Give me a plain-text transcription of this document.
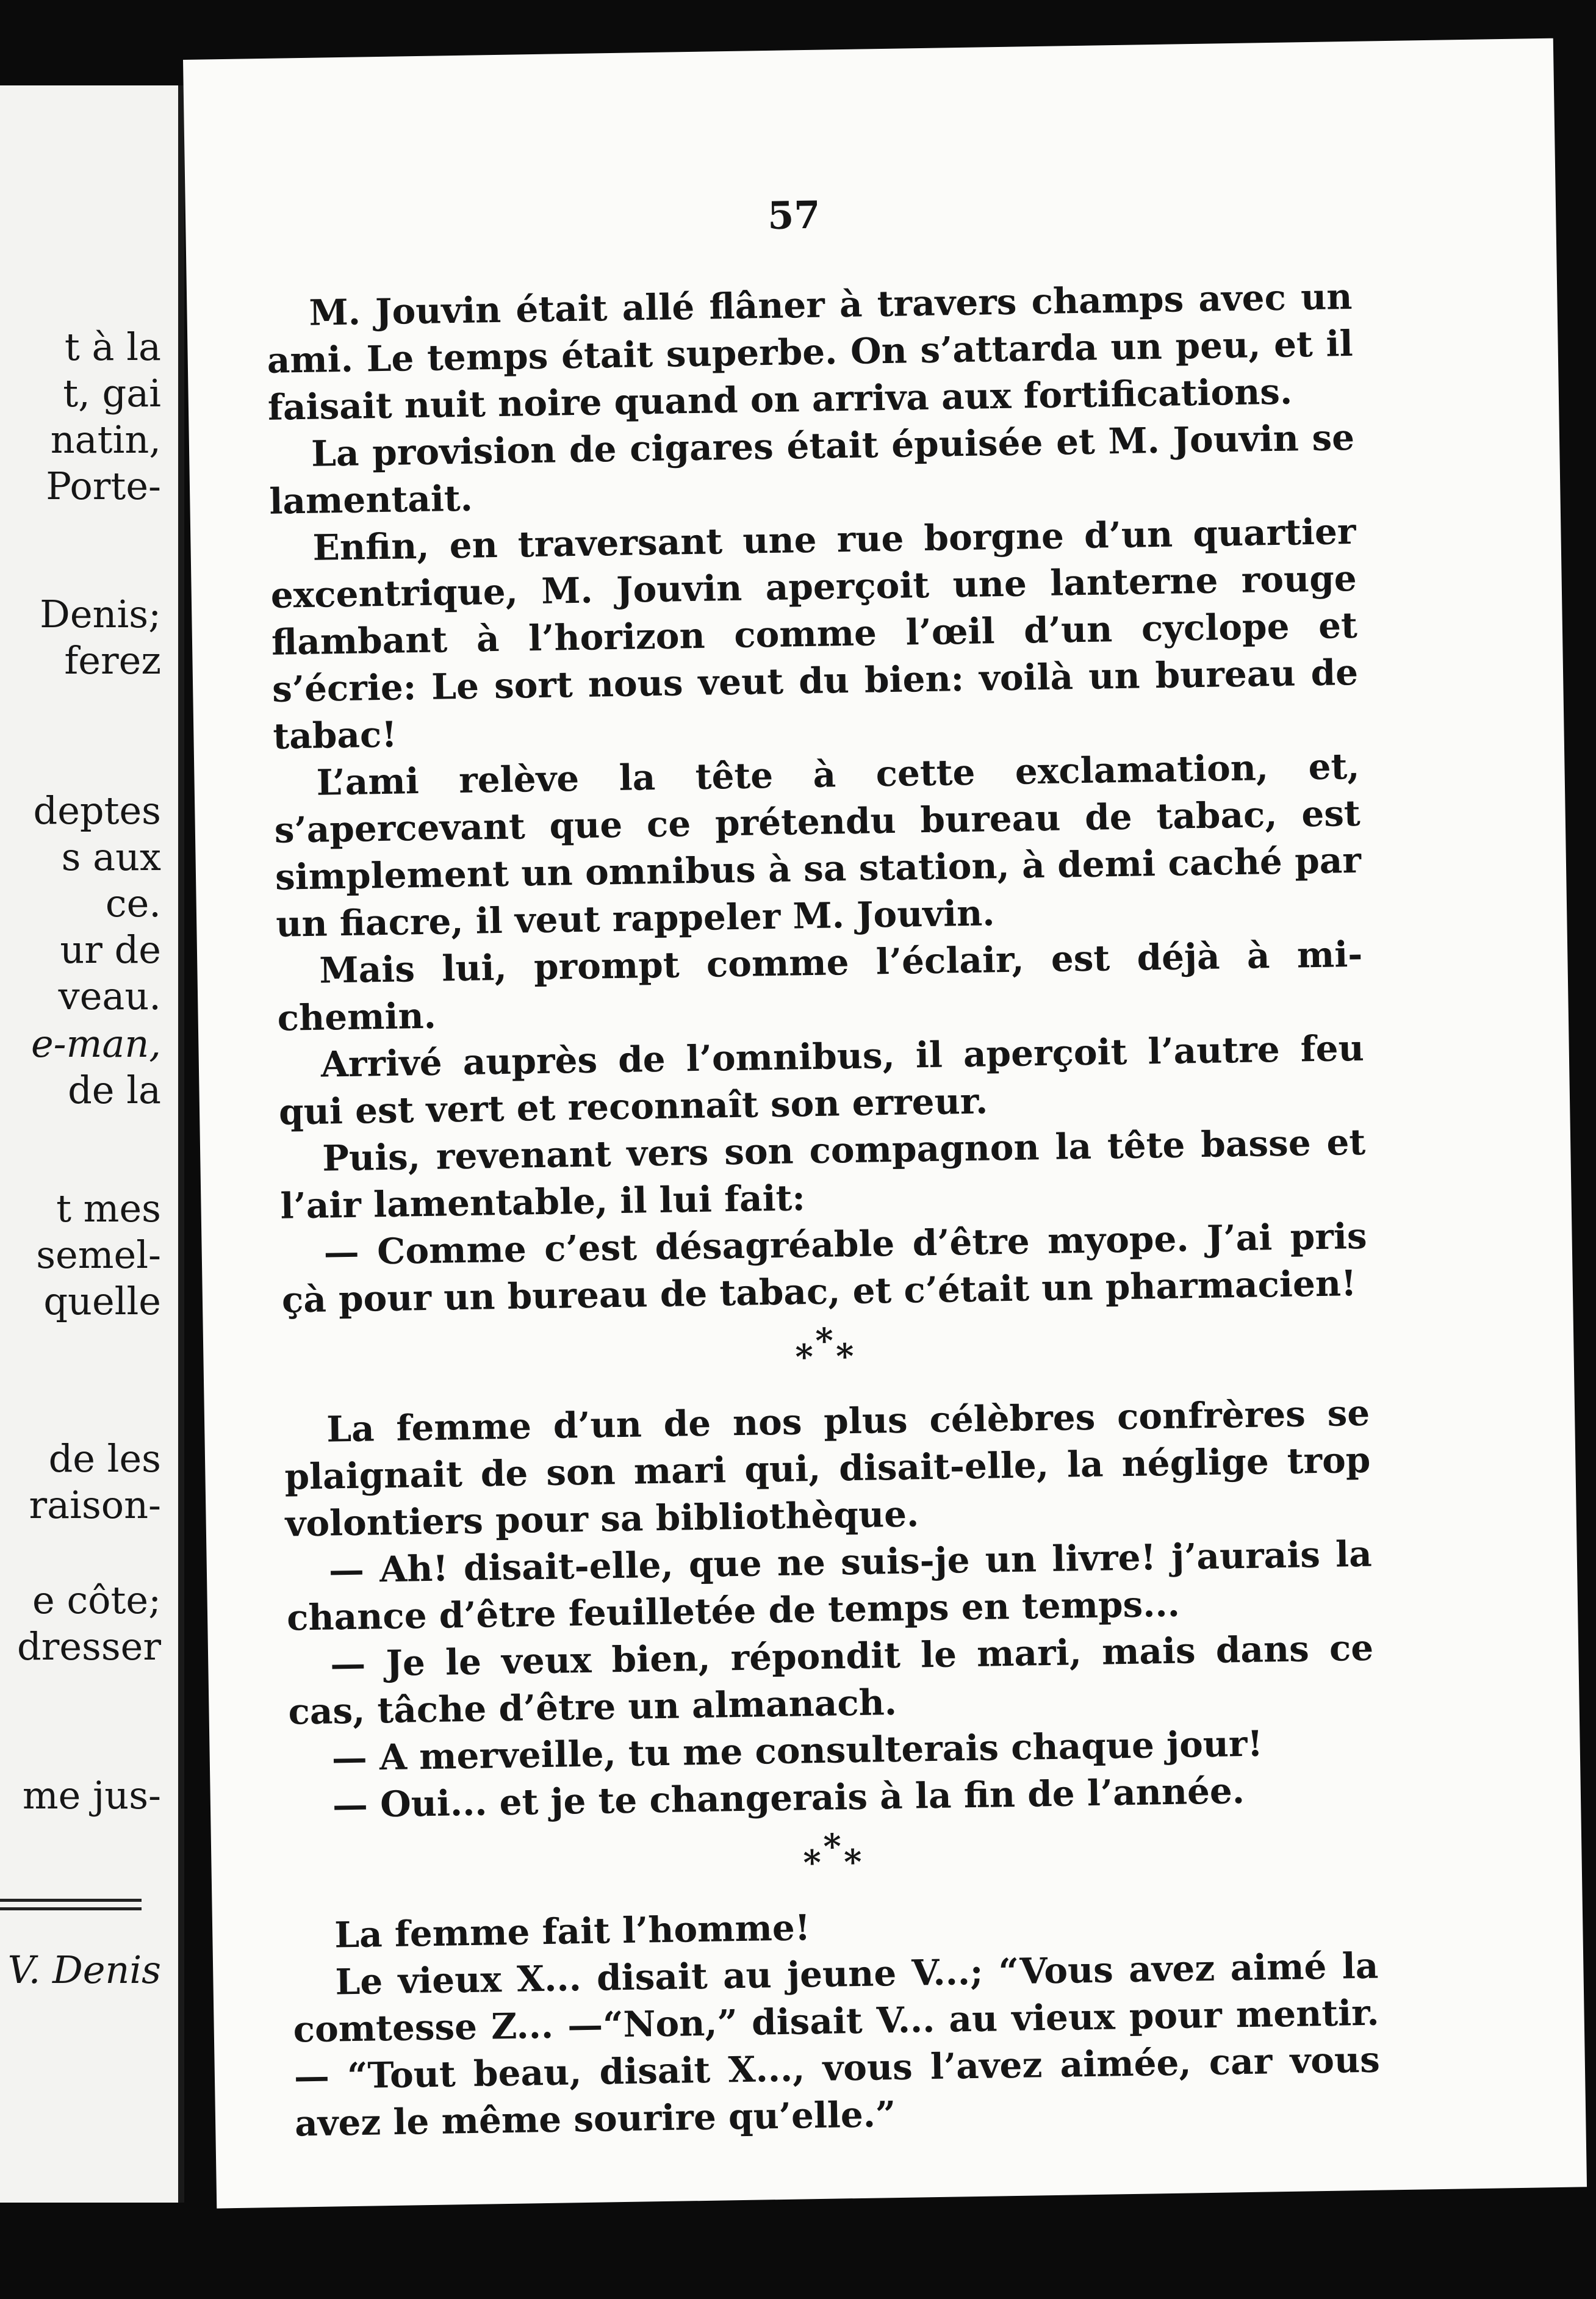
t à la
t, gai
natin,
Porte-
Denis;
ferez
deptes
s aux
ce.
ur de
veau.
e-man,
de la
t mes
semel-
quelle
de les
raison-
e côte;
dresser
me jus-
V. Denis
57

M. Jouvin était allé flâner à travers champs avec un ami. Le temps était superbe. On s’attarda un peu, et il faisait nuit noire quand on arriva aux fortifications.

La provision de cigares était épuisée et M. Jouvin se lamentait.

Enfin, en traversant une rue borgne d’un quartier excentrique, M. Jouvin aperçoit une lanterne rouge flambant à l’horizon comme l’œil d’un cyclope et s’écrie: Le sort nous veut du bien: voilà un bureau de tabac!

L’ami relève la tête à cette exclamation, et, s’apercevant que ce prétendu bureau de tabac, est simplement un omnibus à sa station, à demi caché par un fiacre, il veut rappeler M. Jouvin.

Mais lui, prompt comme l’éclair, est déjà à mi-chemin.

Arrivé auprès de l’omnibus, il aperçoit l’autre feu qui est vert et reconnaît son erreur.

Puis, revenant vers son compagnon la tête basse et l’air lamentable, il lui fait:

— Comme c’est désagréable d’être myope. J’ai pris çà pour un bureau de tabac, et c’était un pharmacien!

***

La femme d’un de nos plus célèbres confrères se plaignait de son mari qui, disait-elle, la néglige trop volontiers pour sa bibliothèque.

— Ah! disait-elle, que ne suis-je un livre! j’aurais la chance d’être feuilletée de temps en temps...

— Je le veux bien, répondit le mari, mais dans ce cas, tâche d’être un almanach.

— A merveille, tu me consulterais chaque jour!

— Oui... et je te changerais à la fin de l’année.

***

La femme fait l’homme!

Le vieux X... disait au jeune V...; “Vous avez aimé la comtesse Z... —“Non,” disait V... au vieux pour mentir.— “Tout beau, disait X..., vous l’avez aimée, car vous avez le même sourire qu’elle.”
